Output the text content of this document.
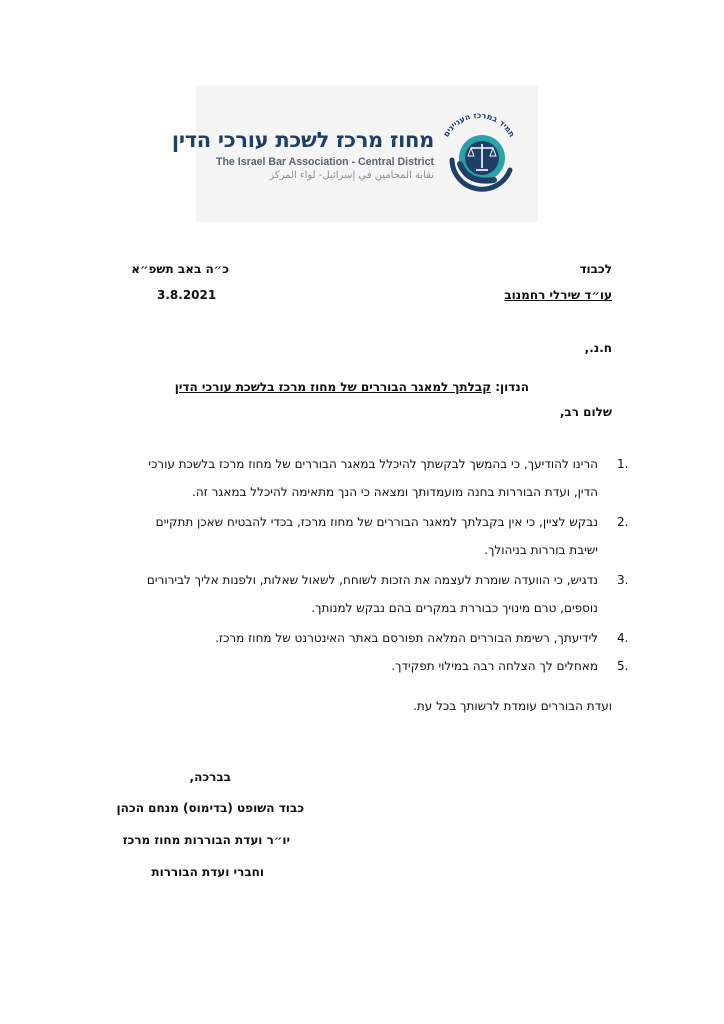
תמיד במרכז העניינים
מחוז מרכז לשכת עורכי הדין
The Israel Bar Association - Central District
نقابة المحامين في إسرائيل- لواء المركز
לכבוד
כ״ה באב תשפ״א
עו״ד שירלי רחמנוב
3.8.2021
ח.נ.,
הנדון: קבלתך למאגר הבוררים של מחוז מרכז בלשכת עורכי הדין
שלום רב,
1.
הרינו להודיעך, כי בהמשך לבקשתך להיכלל במאגר הבוררים של מחוז מרכז בלשכת עורכי
הדין, ועדת הבוררות בחנה מועמדותך ומצאה כי הנך מתאימה להיכלל במאגר זה.
2.
נבקש לציין, כי אין בקבלתך למאגר הבוררים של מחוז מרכז, בכדי להבטיח שאכן תתקיים
ישיבת בוררות בניהולך.
3.
נדגיש, כי הוועדה שומרת לעצמה את הזכות לשוחח, לשאול שאלות, ולפנות אליך לבירורים
נוספים, טרם מינויך כבוררת במקרים בהם נבקש למנותך.
4.
לידיעתך, רשימת הבוררים המלאה תפורסם באתר האינטרנט של מחוז מרכז.
5.
מאחלים לך הצלחה רבה במילוי תפקידך.
ועדת הבוררים עומדת לרשותך בכל עת.
בברכה,
כבוד השופט (בדימוס) מנחם הכהן
יו״ר ועדת הבוררות מחוז מרכז
וחברי ועדת הבוררות
